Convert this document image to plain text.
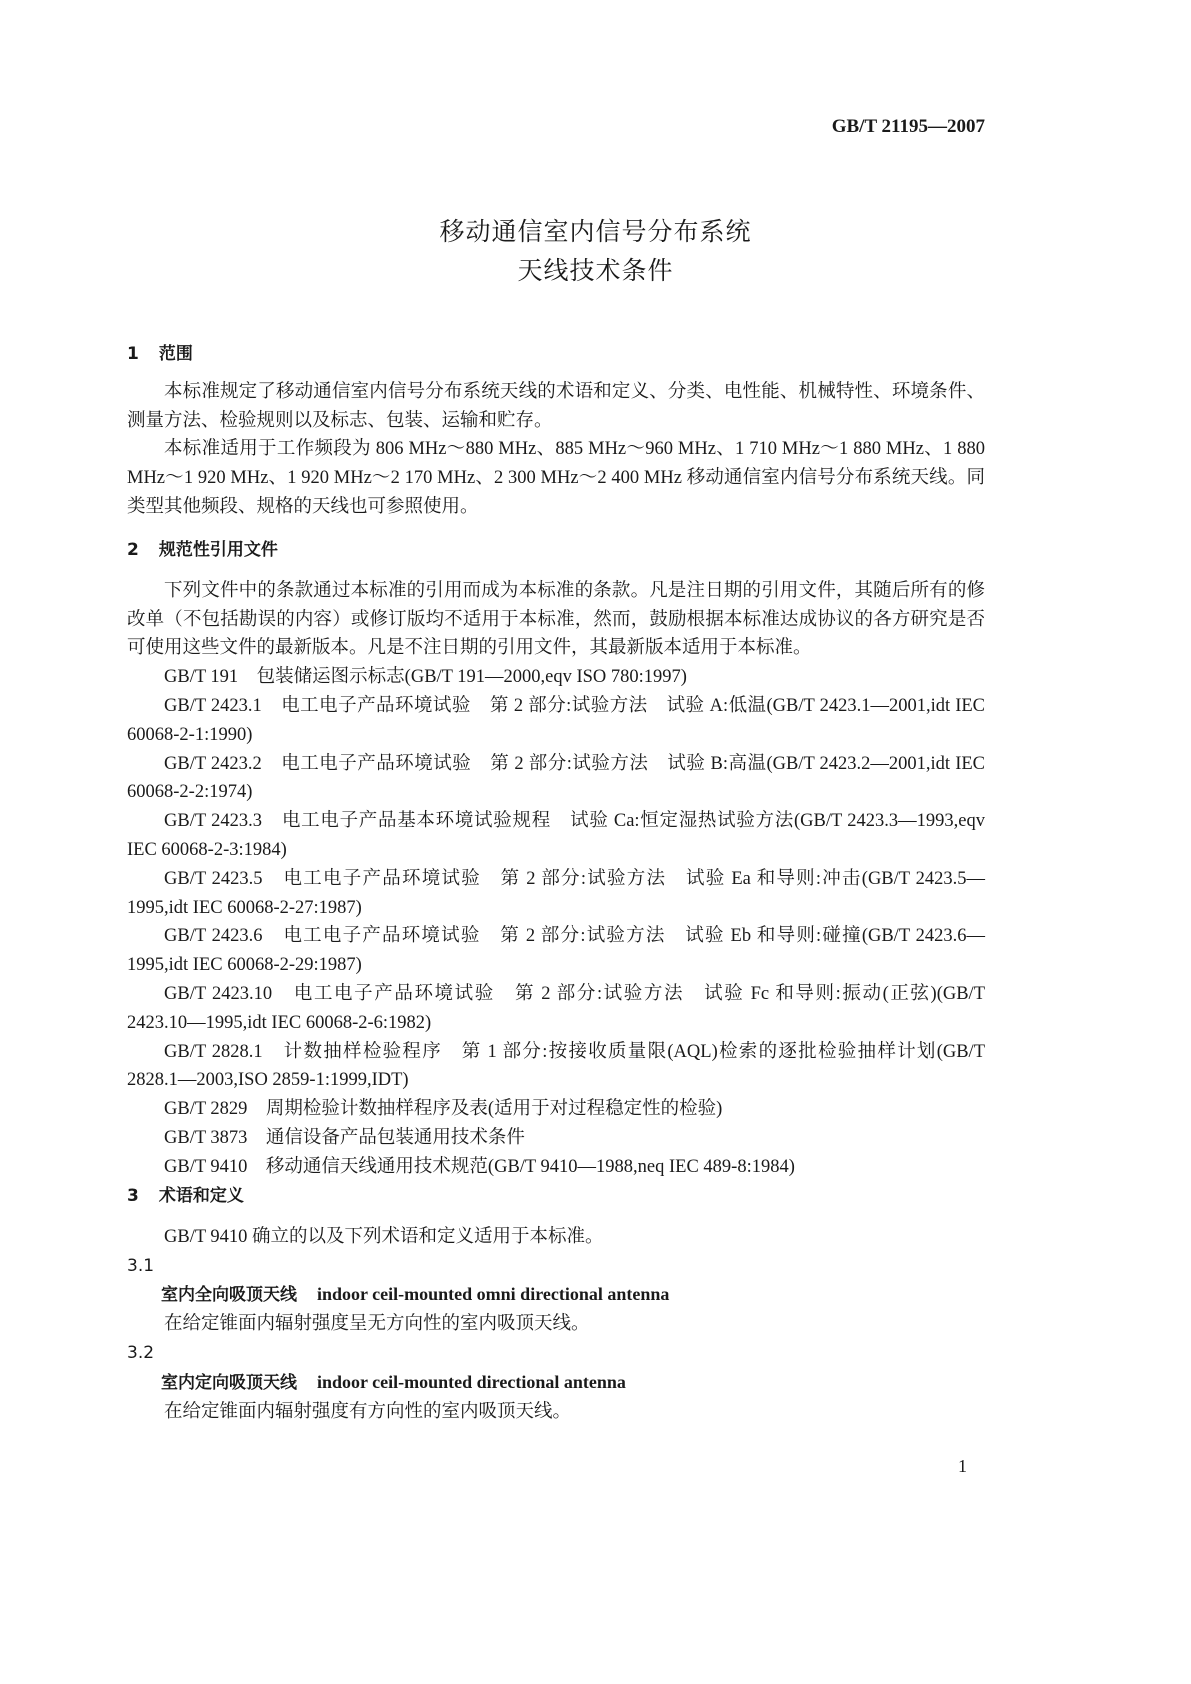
GB/T 21195—2007
移动通信室内信号分布系统
天线技术条件
1 范围

本标准规定了移动通信室内信号分布系统天线的术语和定义、分类、电性能、机械特性、环境条件、测量方法、检验规则以及标志、包装、运输和贮存。

本标准适用于工作频段为 806 MHz～880 MHz、885 MHz～960 MHz、1 710 MHz～1 880 MHz、1 880 MHz～1 920 MHz、1 920 MHz～2 170 MHz、2 300 MHz～2 400 MHz 移动通信室内信号分布系统天线。同类型其他频段、规格的天线也可参照使用。

2 规范性引用文件

下列文件中的条款通过本标准的引用而成为本标准的条款。凡是注日期的引用文件，其随后所有的修改单（不包括勘误的内容）或修订版均不适用于本标准，然而，鼓励根据本标准达成协议的各方研究是否可使用这些文件的最新版本。凡是不注日期的引用文件，其最新版本适用于本标准。

GB/T 191　包装储运图示标志(GB/T 191—2000,eqv ISO 780:1997)

GB/T 2423.1　电工电子产品环境试验　第 2 部分:试验方法　试验 A:低温(GB/T 2423.1—2001,idt IEC 60068-2-1:1990)

GB/T 2423.2　电工电子产品环境试验　第 2 部分:试验方法　试验 B:高温(GB/T 2423.2—2001,idt IEC 60068-2-2:1974)

GB/T 2423.3　电工电子产品基本环境试验规程　试验 Ca:恒定湿热试验方法(GB/T 2423.3—1993,eqv IEC 60068-2-3:1984)

GB/T 2423.5　电工电子产品环境试验　第 2 部分:试验方法　试验 Ea 和导则:冲击(GB/T 2423.5—1995,idt IEC 60068-2-27:1987)

GB/T 2423.6　电工电子产品环境试验　第 2 部分:试验方法　试验 Eb 和导则:碰撞(GB/T 2423.6—1995,idt IEC 60068-2-29:1987)

GB/T 2423.10　电工电子产品环境试验　第 2 部分:试验方法　试验 Fc 和导则:振动(正弦)(GB/T 2423.10—1995,idt IEC 60068-2-6:1982)

GB/T 2828.1　计数抽样检验程序　第 1 部分:按接收质量限(AQL)检索的逐批检验抽样计划(GB/T 2828.1—2003,ISO 2859-1:1999,IDT)

GB/T 2829　周期检验计数抽样程序及表(适用于对过程稳定性的检验)

GB/T 3873　通信设备产品包装通用技术条件

GB/T 9410　移动通信天线通用技术规范(GB/T 9410—1988,neq IEC 489-8:1984)

3 术语和定义

GB/T 9410 确立的以及下列术语和定义适用于本标准。

3.1
室内全向吸顶天线 indoor ceil-mounted omni directional antenna

在给定锥面内辐射强度呈无方向性的室内吸顶天线。

3.2
室内定向吸顶天线 indoor ceil-mounted directional antenna

在给定锥面内辐射强度有方向性的室内吸顶天线。

1
